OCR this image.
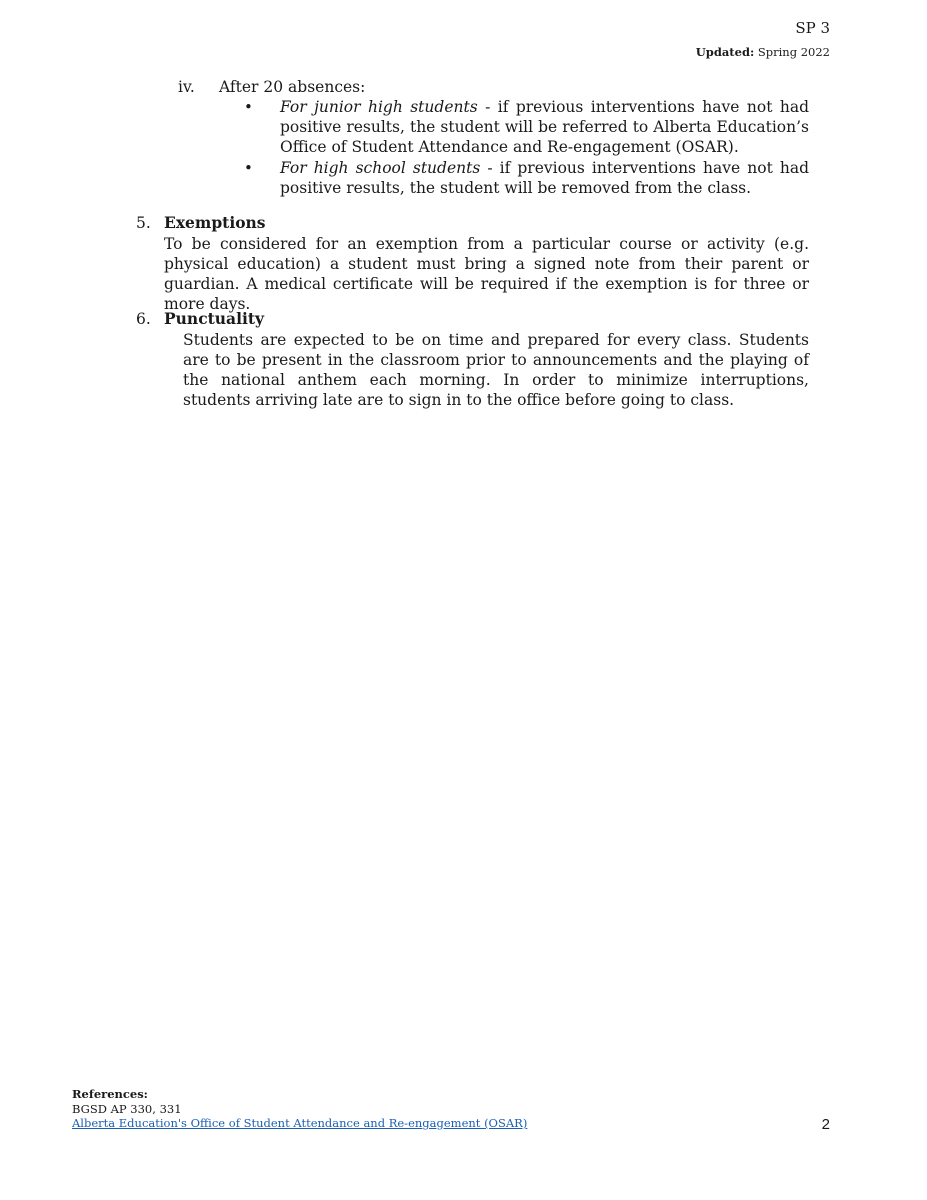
SP 3
Updated: Spring 2022
iv. After 20 absences:
• For junior high students - if previous interventions have not had positive results, the student will be referred to Alberta Education’s Office of Student Attendance and Re-engagement (OSAR).
• For high school students - if previous interventions have not had positive results, the student will be removed from the class.
5. Exemptions
To be considered for an exemption from a particular course or activity (e.g. physical education) a student must bring a signed note from their parent or guardian. A medical certificate will be required if the exemption is for three or more days.
6. Punctuality
Students are expected to be on time and prepared for every class. Students are to be present in the classroom prior to announcements and the playing of the national anthem each morning. In order to minimize interruptions, students arriving late are to sign in to the office before going to class.
References:
BGSD AP 330, 331
Alberta Education's Office of Student Attendance and Re-engagement (OSAR)	2
